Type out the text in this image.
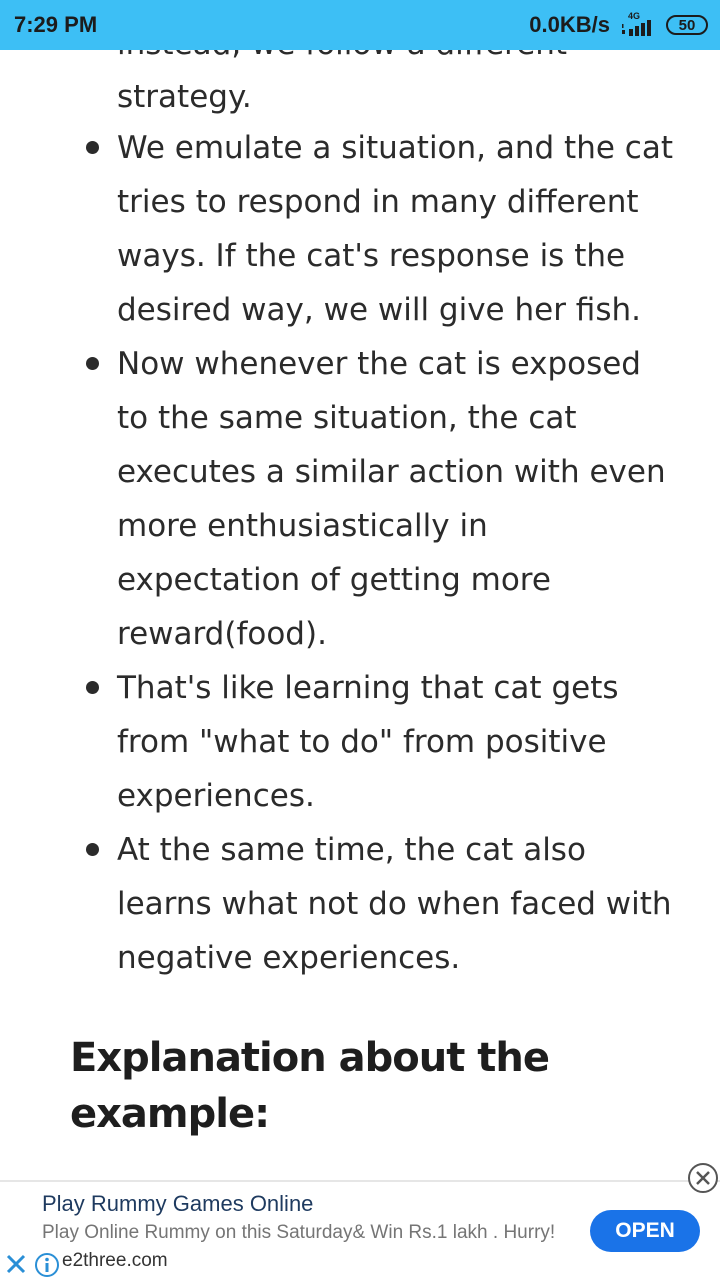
strategy.
We emulate a situation, and the cat tries to respond in many different ways. If the cat's response is the desired way, we will give her fish.
Now whenever the cat is exposed to the same situation, the cat executes a similar action with even more enthusiastically in expectation of getting more reward(food).
That's like learning that cat gets from "what to do" from positive experiences.
At the same time, the cat also learns what not do when faced with negative experiences.
Explanation about the example:
7:29 PM	0.0KB/s 4G
50
Play Rummy Games Online
Play Online Rummy on this Saturday& Win Rs.1 lakh . Hurry!
e2three.com
OPEN
